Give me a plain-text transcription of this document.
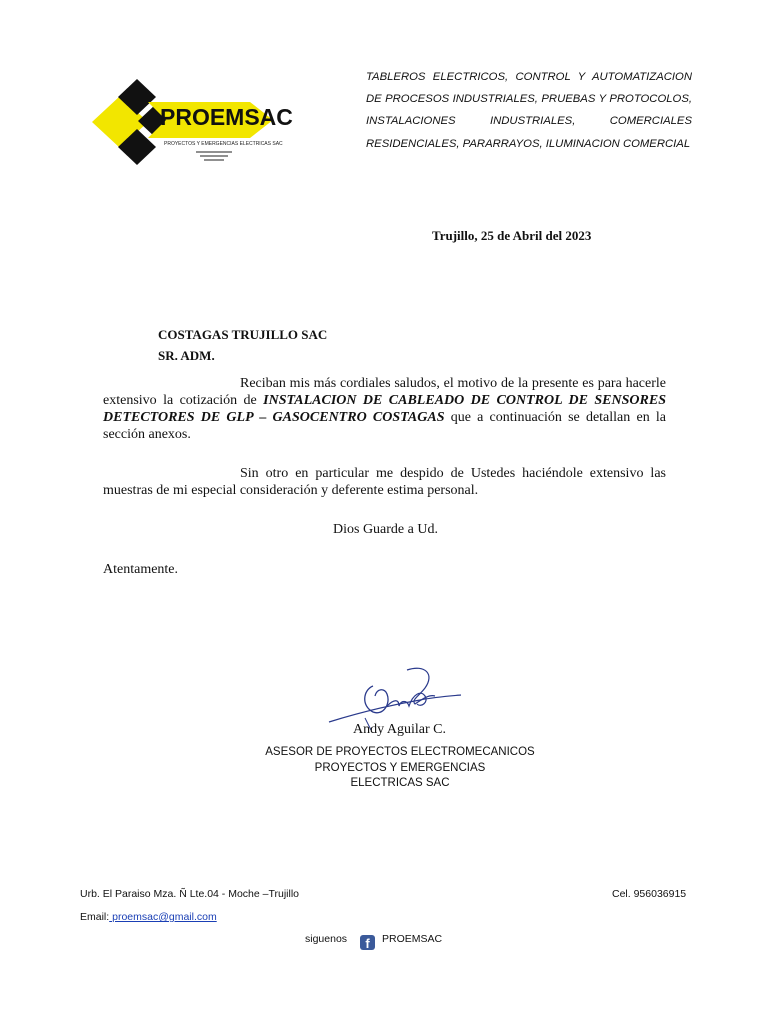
PROEMSAC
PROYECTOS Y EMERGENCIAS ELECTRICAS SAC
TABLEROS ELECTRICOS, CONTROL Y AUTOMATIZACION DE PROCESOS INDUSTRIALES, PRUEBAS Y PROTOCOLOS, INSTALACIONES INDUSTRIALES, COMERCIALES RESIDENCIALES, PARARRAYOS, ILUMINACION COMERCIAL
Trujillo, 25 de Abril del 2023
COSTAGAS TRUJILLO SAC
SR. ADM.
Reciban mis más cordiales saludos, el motivo de la presente es para hacerle extensivo la cotización de INSTALACION DE CABLEADO DE CONTROL DE SENSORES DETECTORES DE GLP – GASOCENTRO COSTAGAS que a continuación se detallan en la sección anexos.
Sin otro en particular me despido de Ustedes haciéndole extensivo las muestras de mi especial consideración y deferente estima personal.
Dios Guarde a Ud.
Atentamente.
Andy Aguilar C.
ASESOR DE PROYECTOS ELECTROMECANICOS
PROYECTOS Y EMERGENCIAS
ELECTRICAS SAC
Urb. El Paraiso Mza. Ñ Lte.04 - Moche –Trujillo	Cel. 956036915
Email: proemsac@gmail.com
siguenos	f	PROEMSAC
